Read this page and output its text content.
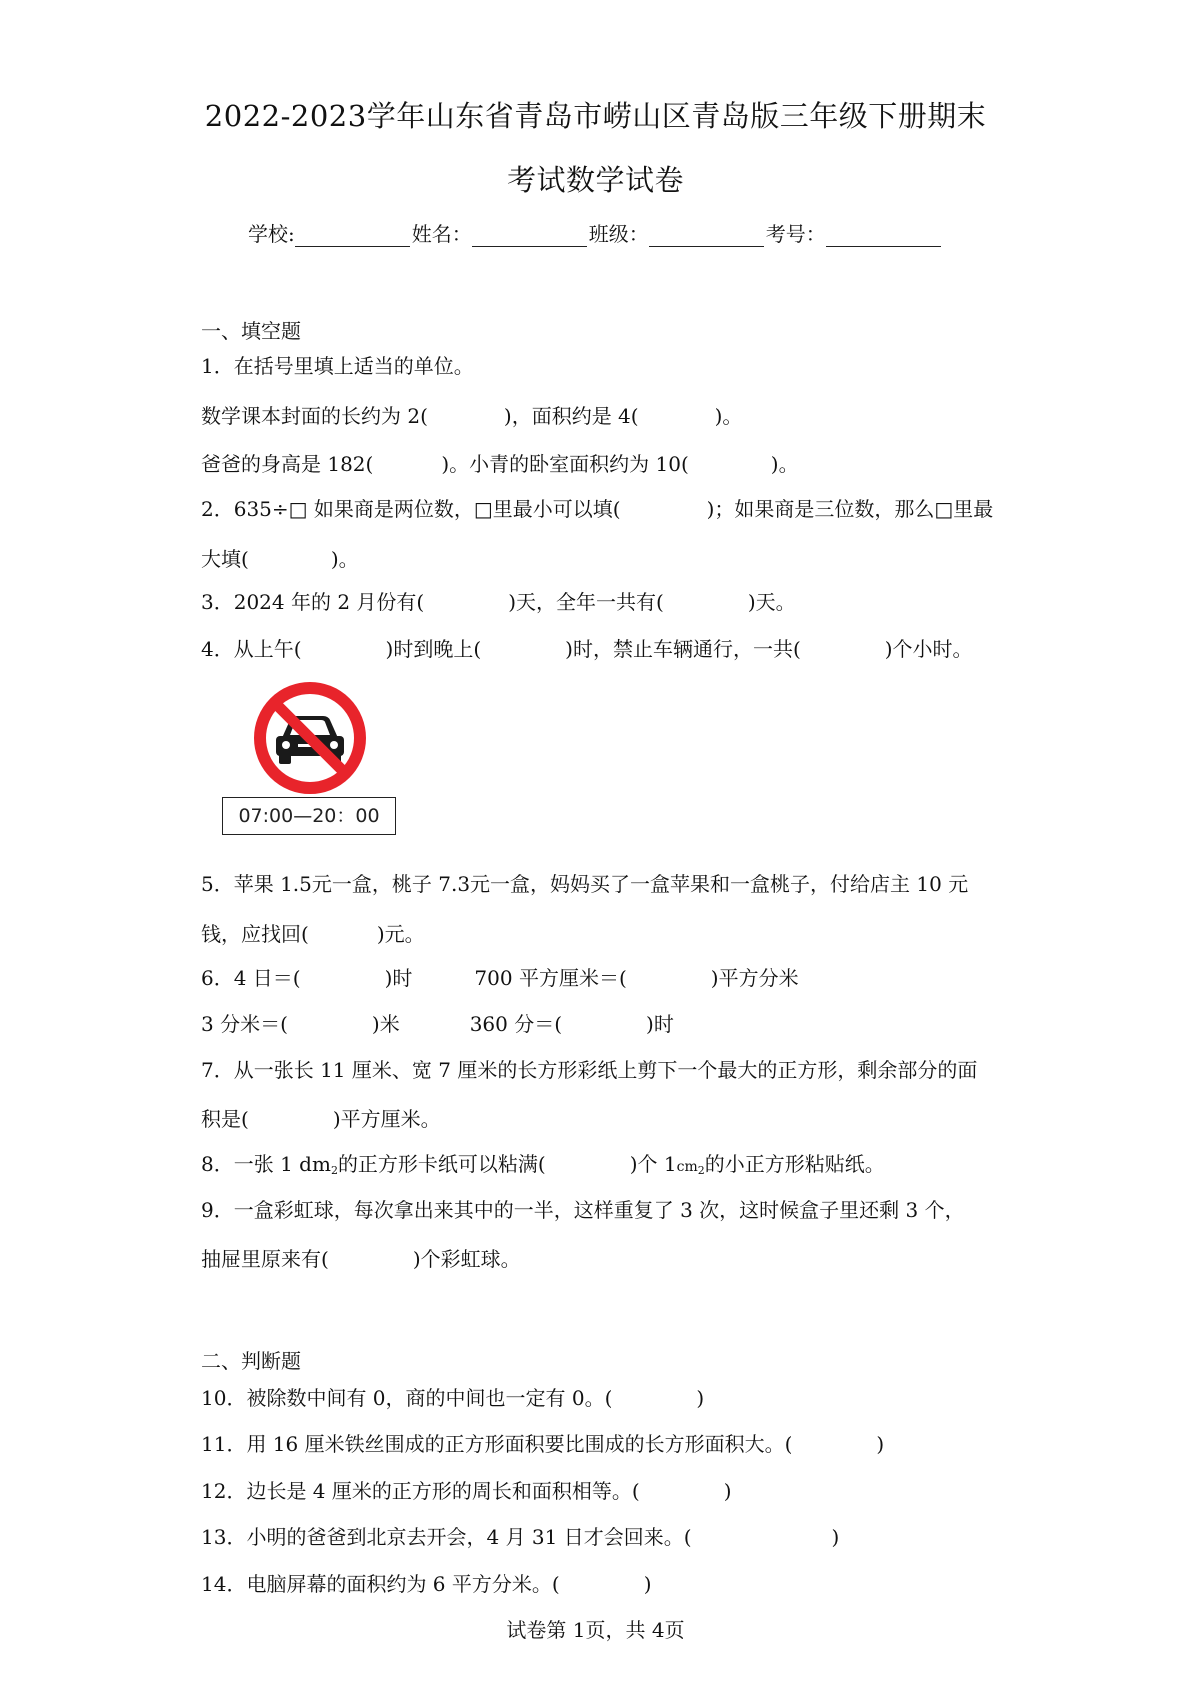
2022-2023学年山东省青岛市崂山区青岛版三年级下册期末
考试数学试卷
学校:	姓名：	班级：	考号：
一、填空题
1．在括号里填上适当的单位。
数学课本封面的长约为 2(	)，面积约是 4(	)。
爸爸的身高是 182(	)。小青的卧室面积约为 10(	)。
2．635÷□ 如果商是两位数，□里最小可以填(	)；如果商是三位数，那么□里最
大填(	)。
3．2024 年的 2 月份有(	)天，全年一共有(	)天。
4．从上午(	)时到晚上(	)时，禁止车辆通行，一共(	)个小时。
07:00—20：00
5．苹果 1.5元一盒，桃子 7.3元一盒，妈妈买了一盒苹果和一盒桃子，付给店主 10 元
钱，应找回(	)元。
6．4 日＝(	)时	700 平方厘米＝(	)平方分米
3 分米＝(	)米	360 分＝(	)时
7．从一张长 11 厘米、宽 7 厘米的长方形彩纸上剪下一个最大的正方形，剩余部分的面
积是(	)平方厘米。
8．一张 1 $dm_2$的正方形卡纸可以粘满(	)个 $1cm_2$的小正方形粘贴纸。
9．一盒彩虹球，每次拿出来其中的一半，这样重复了 3 次，这时候盒子里还剩 3 个，
抽屉里原来有(	)个彩虹球。
二、判断题
10．被除数中间有 0，商的中间也一定有 0。(	)
11．用 16 厘米铁丝围成的正方形面积要比围成的长方形面积大。(	)
12．边长是 4 厘米的正方形的周长和面积相等。(	)
13．小明的爸爸到北京去开会，4 月 31 日才会回来。(	)
14．电脑屏幕的面积约为 6 平方分米。(	)
试卷第 1页，共 4页
